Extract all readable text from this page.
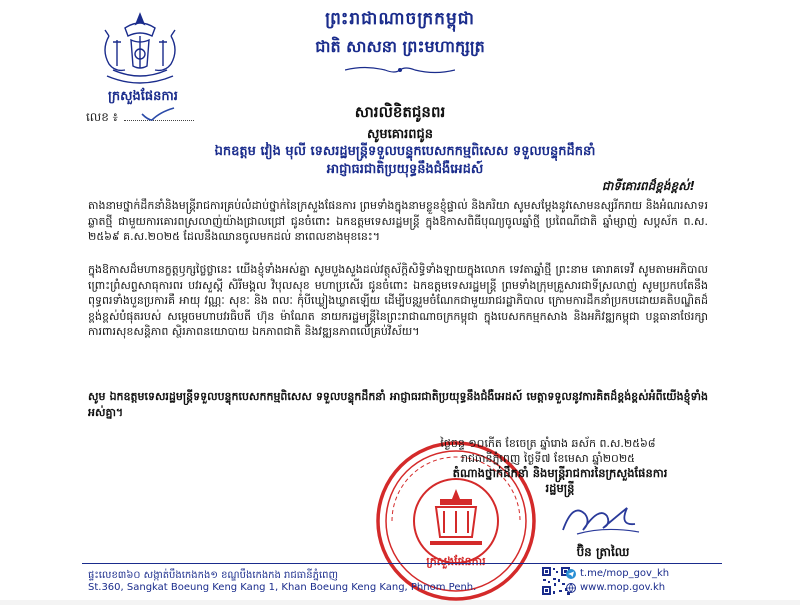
ព្រះរាជាណាចក្រកម្ពុជា
ជាតិ សាសនា ព្រះមហាក្សត្រ
ក្រសួងផែនការ
លេខ ៖	សារលិខិតជូនពរ
សូមគោរពជូន
ឯកឧត្តម វៀង មុលី ទេសរដ្ឋមន្ត្រីទទួលបន្ទុកបេសកកម្មពិសេស ទទួលបន្ទុកដឹកនាំ
អាជ្ញាធរជាតិប្រយុទ្ធនឹងជំងឺអេដស៍
ជាទីគោរពដ៏ខ្ពង់ខ្ពស់!
តាងនាមថ្នាក់ដឹកនាំនិងមន្ត្រីរាជការគ្រប់លំដាប់ថ្នាក់នៃក្រសួងផែនការ ព្រមទាំងក្នុងនាមខ្លួនខ្ញុំផ្ទាល់ និងភរិយា សូមសម្តែងនូវសោមនស្សរីករាយ និងអំណរសាទរឆ្លាតថ្មី ជាមួយការគោរពស្រលាញ់យ៉ាងជ្រាលជ្រៅ ជូនចំពោះ ឯកឧត្តមទេសរដ្ឋមន្ត្រី ក្នុងឱកាសពិធីបុណ្យចូលឆ្នាំថ្មី ប្រពៃណីជាតិ ឆ្នាំម្សាញ់ សប្តស័ក ព.ស. ២៥៦៩ គ.ស.២០២៥ ដែលនឹងឈានចូលមកដល់ នាពេលខាងមុខនេះ។
ក្នុងឱកាសដ៏មហានក្ខត្តឫក្សថ្លៃថ្លានេះ យើងខ្ញុំទាំងអស់គ្នា សូមបួងសួងដល់វត្ថុស័ក្តិសិទ្ធិទាំងឡាយក្នុងលោក ទេវតាឆ្នាំថ្មី ព្រះនាម គោរាគទេវី សូមតាមអភិបាលព្រោះព្រំសព្ទសាធុការពរ បវរសួស្តី សិរីមង្គល វិបុលសុខ មហាប្រសើរ ជូនចំពោះ ឯកឧត្តមទេសរដ្ឋមន្ត្រី ព្រមទាំងក្រុមគ្រួសារជាទីស្រលាញ់ សូមប្រកបតែនឹងពុទ្ធពរទាំងបួនប្រការគឺ អាយុ វណ្ណៈ សុខៈ និង ពលៈ កុំបីឃ្លៀងឃ្លាតឡើយ ដើម្បីបន្តរួមចំណែកជាមួយរាជរដ្ឋាភិបាល ក្រោមការដឹកនាំប្រកបដោយគតិបណ្ឌិតដ៏ខ្ពង់ខ្ពស់បំផុតរបស់ សម្តេចមហាបវរធិបតី ហ៊ុន ម៉ាណែត នាយករដ្ឋមន្ត្រីនៃព្រះរាជាណាចក្រកម្ពុជា ក្នុងបេសកកម្មកសាង និងអភិវឌ្ឍកម្ពុជា បន្តធានាថែរក្សាការពារសុខសន្តិភាព ស្ថិរភាពនយោបាយ ឯកភាពជាតិ និងវឌ្ឍនភាពលើគ្រប់វិស័យ។
សូម ឯកឧត្តមទេសរដ្ឋមន្ត្រីទទួលបន្ទុកបេសកកម្មពិសេស ទទួលបន្ទុកដឹកនាំ អាជ្ញាធរជាតិប្រយុទ្ធនឹងជំងឺអេដស៍ មេត្តាទទួលនូវការគិតដ៏ខ្ពង់ខ្ពស់អំពីយើងខ្ញុំទាំងអស់គ្នា។
ក្រសួងផែនការ
ថ្ងៃចន្ទ ១០កើត ខែចេត្រ ឆ្នាំរោង ឆស័ក ព.ស.២៥៦៨
រាជធានីភ្នំពេញ ថ្ងៃទី៧ ខែមេសា ឆ្នាំ២០២៥
តំណាងថ្នាក់ដឹកនាំ និងមន្ត្រីរាជការនៃក្រសួងផែនការ
រដ្ឋមន្ត្រី
ប៊ិន ត្រាឈៃ
ផ្ទះលេខ៣៦០ សង្កាត់បឹងកេងកង១ ខណ្ឌបឹងកេងកង រាជធានីភ្នំពេញ
St.360, Sangkat Boeung Keng Kang 1, Khan Boeung Keng Kang, Phnom Penh.
t.me/mop_gov_kh
www.mop.gov.kh
